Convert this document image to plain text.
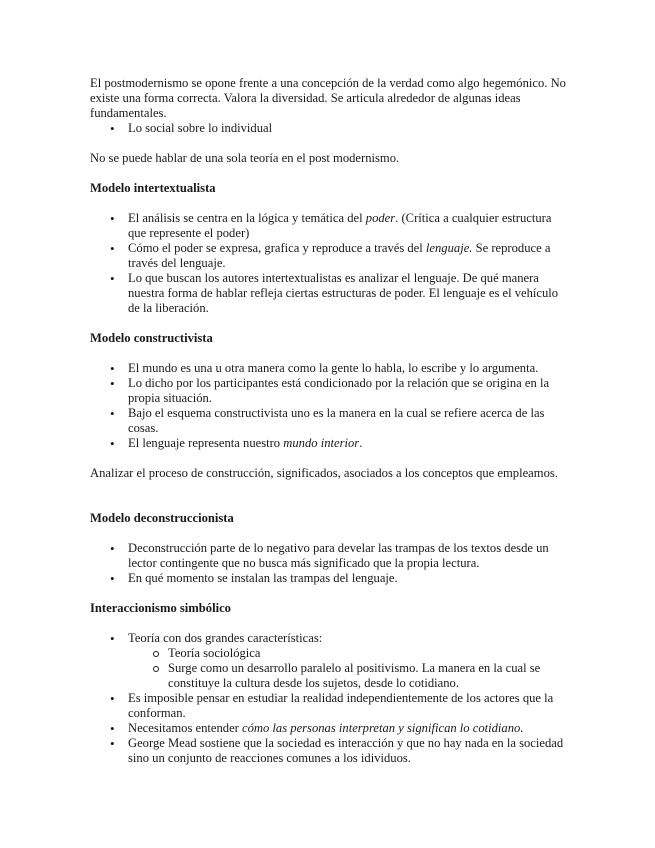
El postmodernismo se opone frente a una concepción de la verdad como algo hegemónico. No existe una forma correcta. Valora la diversidad. Se articula alrededor de algunas ideas fundamentales.

• Lo social sobre lo individual

No se puede hablar de una sola teoría en el post modernismo.

Modelo intertextualista

• El análisis se centra en la lógica y temática del poder. (Crítica a cualquier estructura que represente el poder)
• Cómo el poder se expresa, grafica y reproduce a través del lenguaje. Se reproduce a través del lenguaje.
• Lo que buscan los autores intertextualistas es analizar el lenguaje. De qué manera nuestra forma de hablar refleja ciertas estructuras de poder. El lenguaje es el vehículo de la liberación.

Modelo constructivista

• El mundo es una u otra manera como la gente lo habla, lo escribe y lo argumenta.
• Lo dicho por los participantes está condicionado por la relación que se origina en la propia situación.
• Bajo el esquema constructivista uno es la manera en la cual se refiere acerca de las cosas.
• El lenguaje representa nuestro mundo interior.

Analizar el proceso de construcción, significados, asociados a los conceptos que empleamos.

Modelo deconstruccionista

• Deconstrucción parte de lo negativo para develar las trampas de los textos desde un lector contingente que no busca más significado que la propia lectura.
• En qué momento se instalan las trampas del lenguaje.

Interaccionismo simbólico

• Teoría con dos grandes características:
Teoría sociológica
Surge como un desarrollo paralelo al positivismo. La manera en la cual se constituye la cultura desde los sujetos, desde lo cotidiano.
• Es imposible pensar en estudiar la realidad independientemente de los actores que la conforman.
• Necesitamos entender cómo las personas interpretan y significan lo cotidiano.
• George Mead sostiene que la sociedad es interacción y que no hay nada en la sociedad sino un conjunto de reacciones comunes a los idividuos.
